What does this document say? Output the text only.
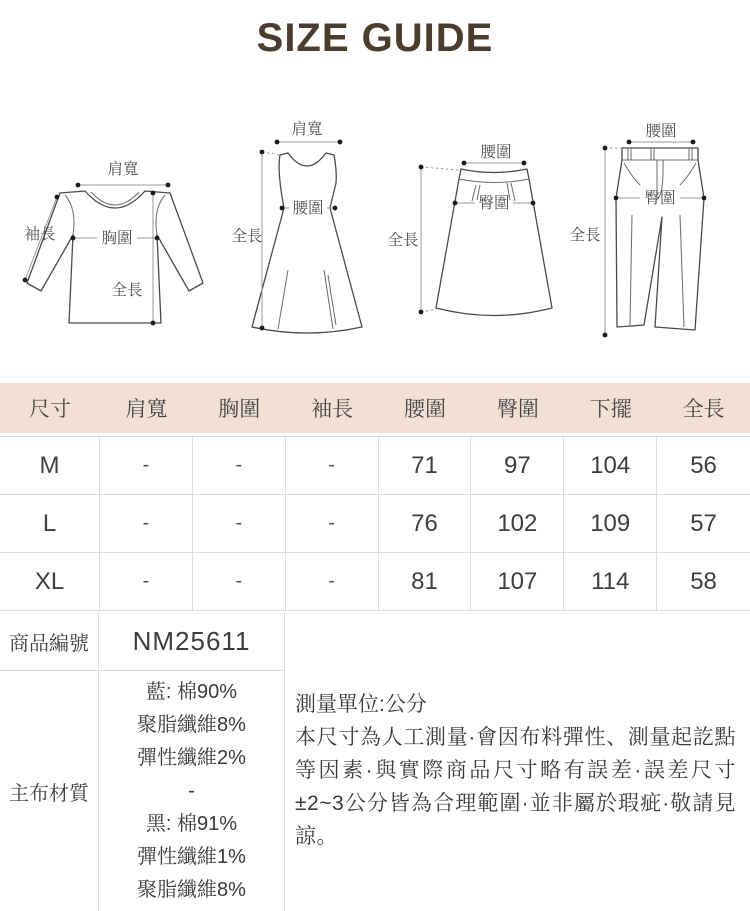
SIZE GUIDE
肩寬
袖長	胸圍
全長
肩寬
腰圍
全長
腰圍
臀圍
全長
腰圍
臀圍
全長
尺寸	肩寬	胸圍	袖長	腰圍	臀圍	下擺	全長
M	-	-	-	71	97	104	56
L	-	-	-	76	102	109	57
XL	-	-	-	81	107	114	58
商品編號	NM25611
主布材質
藍: 棉90%
聚脂纖維8%
彈性纖維2%
-
黑: 棉91%
彈性纖維1%
聚脂纖維8%
測量單位:公分
本尺寸為人工測量·會因布料彈性、測量起訖點等因素·與實際商品尺寸略有誤差·誤差尺寸±2~3公分皆為合理範圍·並非屬於瑕疵·敬請見諒。
